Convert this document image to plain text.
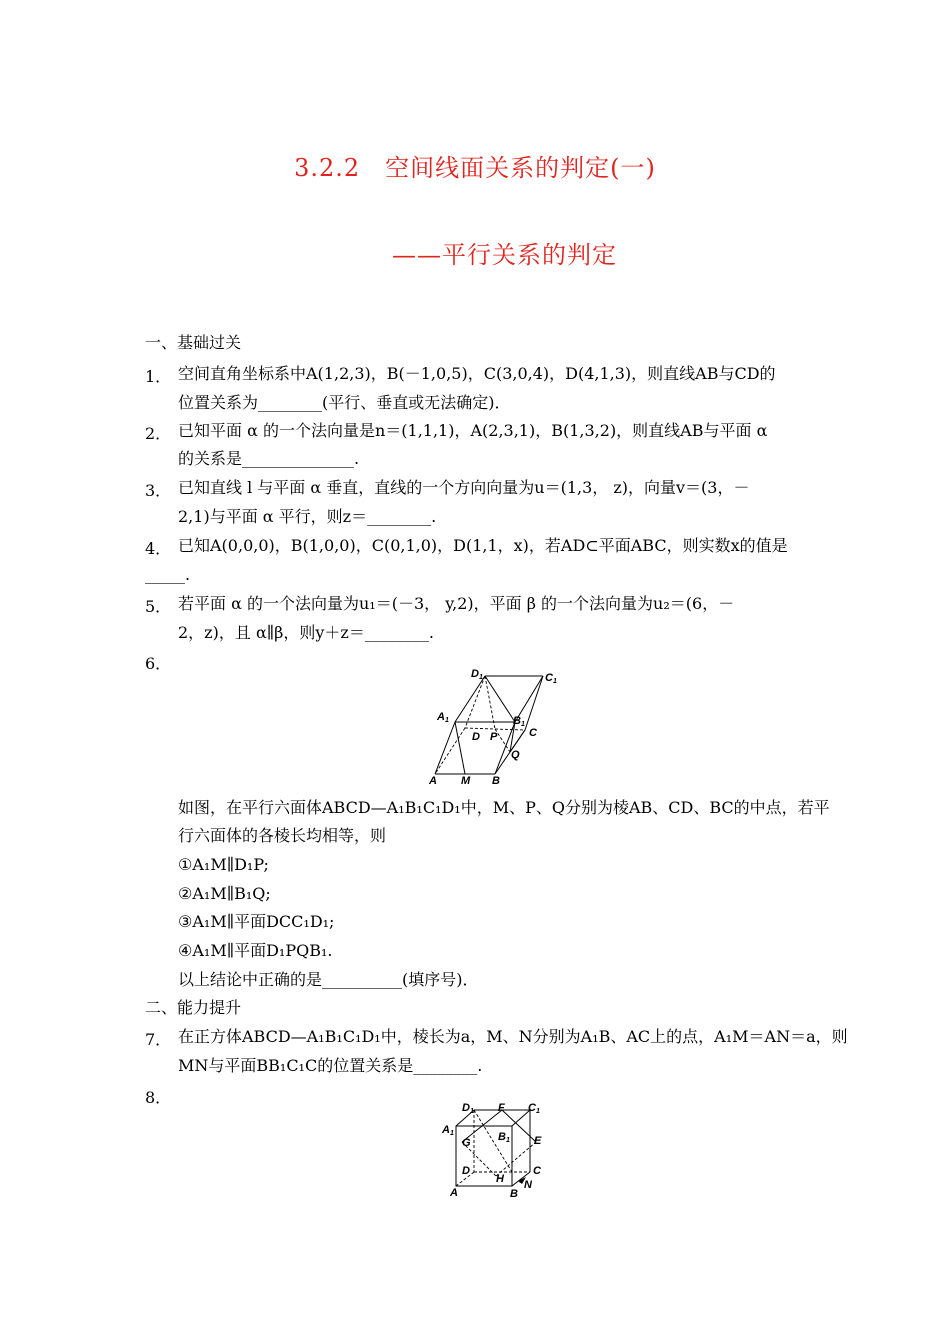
3.2.2　空间线面关系的判定(一)
——平行关系的判定
一、基础过关
1． 空间直角坐标系中A(1,2,3)，B(－1,0,5)，C(3,0,4)，D(4,1,3)，则直线AB与CD的
位置关系为________(平行、垂直或无法确定)．
2． 已知平面 α 的一个法向量是n＝(1,1,1)，A(2,3,1)，B(1,3,2)，则直线AB与平面 α
的关系是______________.
3． 已知直线 l 与平面 α 垂直，直线的一个方向向量为u＝(1,3， z)，向量v＝(3，－
2,1)与平面 α 平行，则z＝________.
4． 已知A(0,0,0)，B(1,0,0)，C(0,1,0)，D(1,1，x)，若AD⊂平面ABC，则实数x的值是
_____.
5． 若平面 α 的一个法向量为u₁＝(－3， y,2)，平面 β 的一个法向量为u₂＝(6，－
2，z)，且 α∥β，则y＋z＝________.
6．
D1	C1
A1	B1
D P	C
Q
A M B
如图，在平行六面体ABCD—A₁B₁C₁D₁中，M、P、Q分别为棱AB、CD、BC的中点，若平
行六面体的各棱长均相等，则
①A₁M∥D₁P;
②A₁M∥B₁Q;
③A₁M∥平面DCC₁D₁;
④A₁M∥平面D₁PQB₁.
以上结论中正确的是__________(填序号)．
二、能力提升
7． 在正方体ABCD—A₁B₁C₁D₁中，棱长为a，M、N分别为A₁B、AC上的点，A₁M＝AN＝a，则
MN与平面BB₁C₁C的位置关系是________.
8．
D1 F C1
A1
G B1 E
D	C
H
A	B
N
